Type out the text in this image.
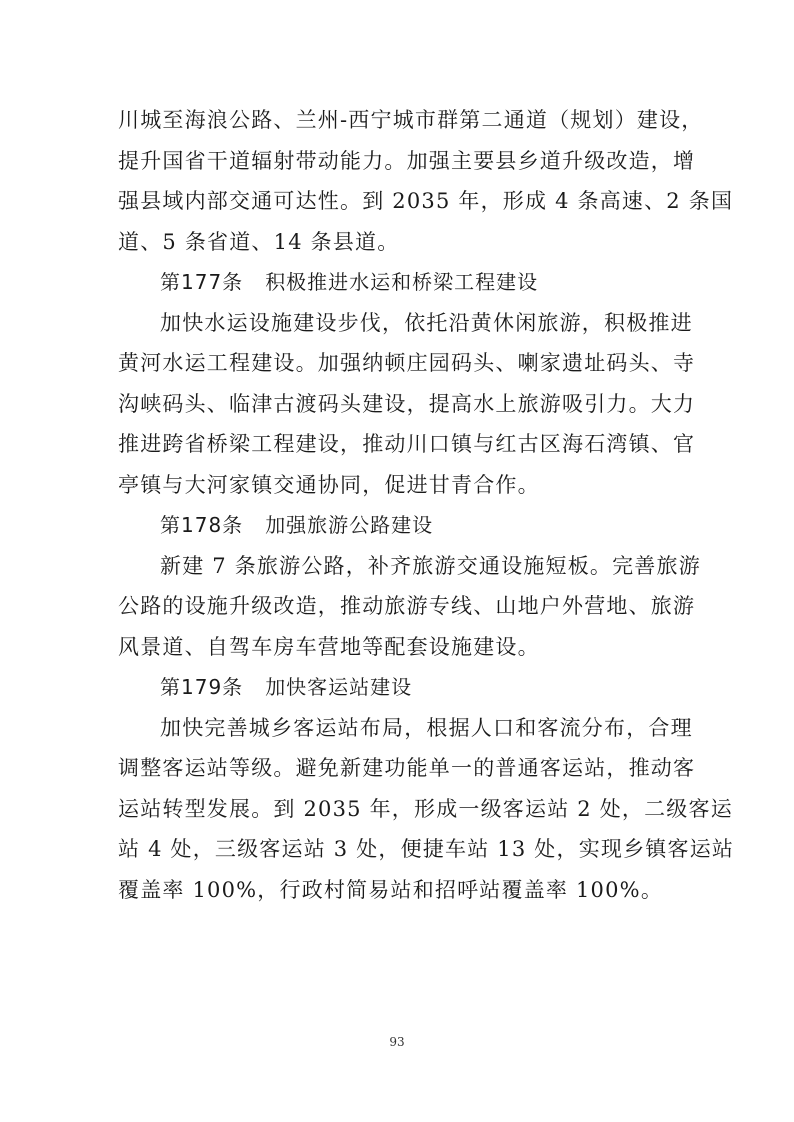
川城至海浪公路、兰州-西宁城市群第二通道（规划）建设，
提升国省干道辐射带动能力。加强主要县乡道升级改造，增
强县域内部交通可达性。到 2035 年，形成 4 条高速、2 条国
道、5 条省道、14 条县道。
第177条 积极推进水运和桥梁工程建设
加快水运设施建设步伐，依托沿黄休闲旅游，积极推进
黄河水运工程建设。加强纳顿庄园码头、喇家遗址码头、寺
沟峡码头、临津古渡码头建设，提高水上旅游吸引力。大力
推进跨省桥梁工程建设，推动川口镇与红古区海石湾镇、官
亭镇与大河家镇交通协同，促进甘青合作。
第178条 加强旅游公路建设
新建 7 条旅游公路，补齐旅游交通设施短板。完善旅游
公路的设施升级改造，推动旅游专线、山地户外营地、旅游
风景道、自驾车房车营地等配套设施建设。
第179条 加快客运站建设
加快完善城乡客运站布局，根据人口和客流分布，合理
调整客运站等级。避免新建功能单一的普通客运站，推动客
运站转型发展。到 2035 年，形成一级客运站 2 处，二级客运
站 4 处，三级客运站 3 处，便捷车站 13 处，实现乡镇客运站
覆盖率 100%，行政村简易站和招呼站覆盖率 100%。
93
